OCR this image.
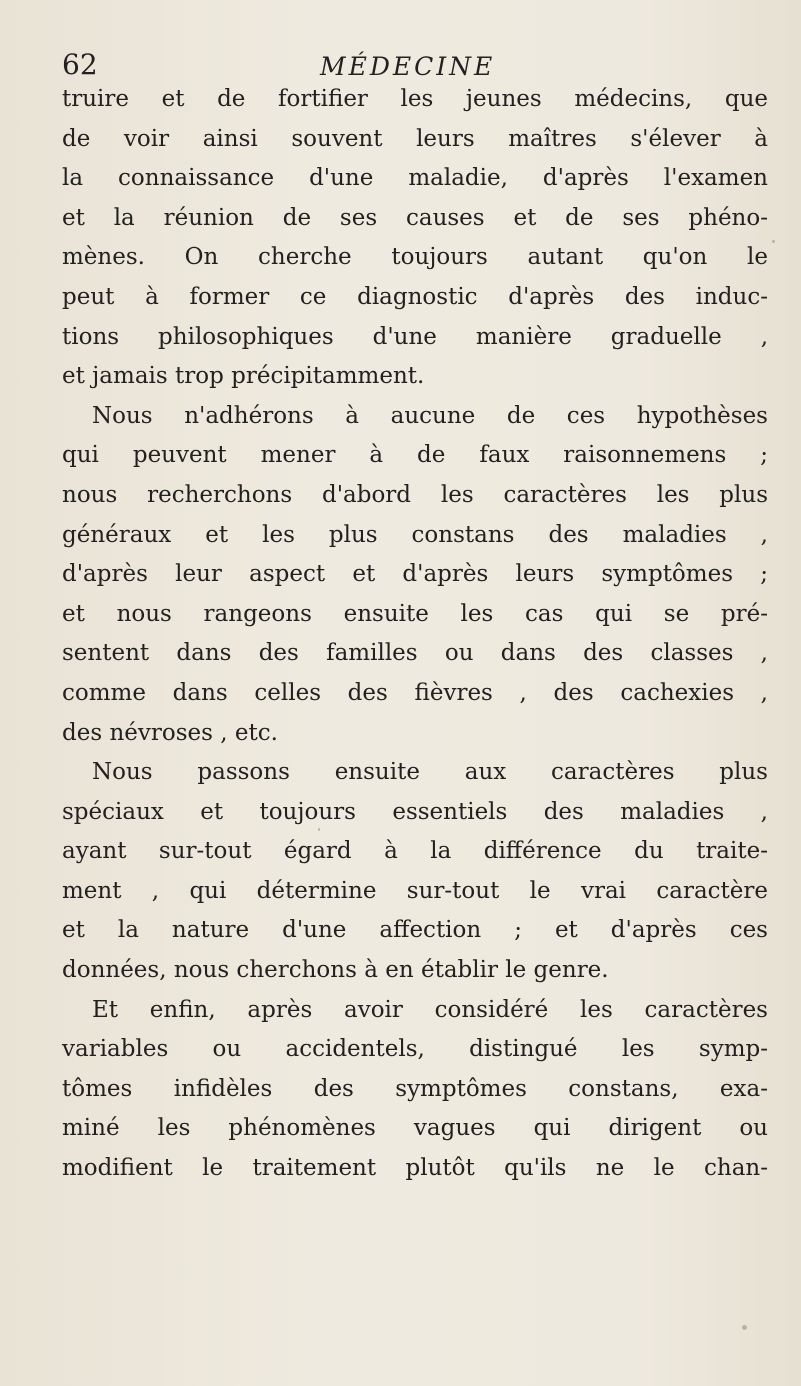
62	MÉDECINE
truire et de fortifier les jeunes médecins, que
de voir ainsi souvent leurs maîtres s'élever à
la connaissance d'une maladie, d'après l'examen
et la réunion de ses causes et de ses phéno-
mènes. On cherche toujours autant qu'on le
peut à former ce diagnostic d'après des induc-
tions philosophiques d'une manière graduelle ,
et jamais trop précipitamment.
Nous n'adhérons à aucune de ces hypothèses
qui peuvent mener à de faux raisonnemens ;
nous recherchons d'abord les caractères les plus
généraux et les plus constans des maladies ,
d'après leur aspect et d'après leurs symptômes ;
et nous rangeons ensuite les cas qui se pré-
sentent dans des familles ou dans des classes ,
comme dans celles des fièvres , des cachexies ,
des névroses , etc.
Nous passons ensuite aux caractères plus
spéciaux et toujours essentiels des maladies ,
ayant sur-tout égard à la différence du traite-
ment , qui détermine sur-tout le vrai caractère
et la nature d'une affection ; et d'après ces
données, nous cherchons à en établir le genre.
Et enfin, après avoir considéré les caractères
variables ou accidentels, distingué les symp-
tômes infidèles des symptômes constans, exa-
miné les phénomènes vagues qui dirigent ou
modifient le traitement plutôt qu'ils ne le chan-
